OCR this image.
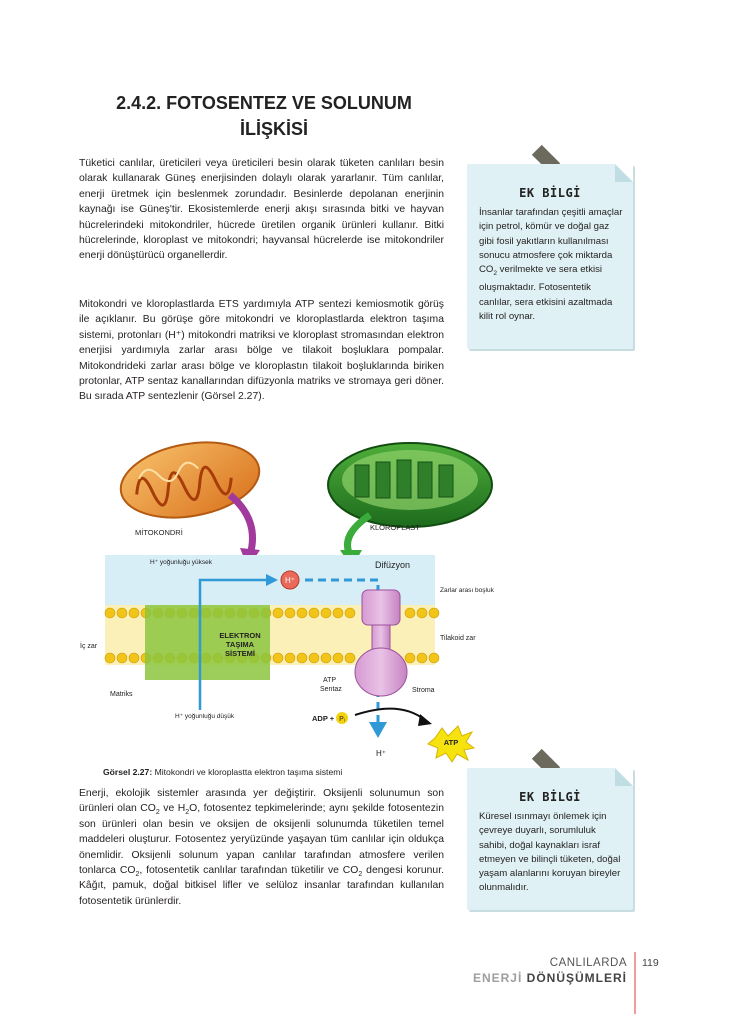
2.4.2. FOTOSENTEZ VE SOLUNUM
İLİŞKİSİ

Tüketici canlılar, üreticileri veya üreticileri besin olarak tüketen canlıları besin olarak kullanarak Güneş enerjisinden dolaylı olarak yararlanır. Tüm canlılar, enerji üretmek için beslenmek zorundadır. Besinlerde depolanan enerjinin kaynağı ise Güneş'tir. Ekosistemlerde enerji akışı sırasında bitki ve hayvan hücrelerindeki mitokondriler, hücrede üretilen organik ürünleri kullanır. Bitki hücrelerinde, kloroplast ve mitokondri; hayvansal hücrelerde ise mitokondriler enerji dönüştürücü organellerdir.

Mitokondri ve kloroplastlarda ETS yardımıyla ATP sentezi kemiosmotik görüş ile açıklanır. Bu görüşe göre mitokondri ve kloroplastlarda elektron taşıma sistemi, protonları (H⁺) mitokondri matriksi ve kloroplast stromasından elektron enerjisi yardımıyla zarlar arası bölge ve tilakoit boşluklara pompalar. Mitokondrideki zarlar arası bölge ve kloroplastın tilakoit boşluklarında biriken protonlar, ATP sentaz kanallarından difüzyonla matriks ve stromaya geri döner. Bu sırada ATP sentezlenir (Görsel 2.27).

EK BİLGİ

İnsanlar tarafından çeşitli amaçlar için petrol, kömür ve doğal gaz gibi fosil yakıtların kullanılması sonucu atmosfere çok miktarda $CO_2$ verilmekte ve sera etkisi oluşmaktadır. Fotosentetik canlılar, sera etkisini azaltmada kilit rol oynar.

MİTOKONDRİ
KLOROPLAST
H⁺ yoğunluğu yüksek	Difüzyon
Zarlar arası boşluk
İç zar
Tilakoid zar
ELEKTRON
TAŞIMA
SİSTEMİ
H⁺
ATP
Sentaz	Stroma
Matriks
H⁺ yoğunluğu düşük	ADP + Pᵢ
ATP
H⁺
Görsel 2.27: Mitokondri ve kloroplastta elektron taşıma sistemi

Enerji, ekolojik sistemler arasında yer değiştirir. Oksijenli solunumun son ürünleri olan $CO_2$ ve $H_2O$, fotosentez tepkimelerinde; aynı şekilde fotosentezin son ürünleri olan besin ve oksijen de oksijenli solunumda tüketilen temel maddeleri oluşturur. Fotosentez yeryüzünde yaşayan tüm canlılar için oldukça önemlidir. Oksijenli solunum yapan canlılar tarafından atmosfere verilen tonlarca $CO_2$, fotosentetik canlılar tarafından tüketilir ve $CO_2$ dengesi korunur. Kâğıt, pamuk, doğal bitkisel lifler ve selüloz insanlar tarafından kullanılan fotosentetik ürünlerdir.

EK BİLGİ

Küresel ısınmayı önlemek için çevreye duyarlı, sorumluluk sahibi, doğal kaynakları israf etmeyen ve bilinçli tüketen, doğal yaşam alanlarını koruyan bireyler olunmalıdır.

CANLILARDA
ENERJİ DÖNÜŞÜMLERİ
119
